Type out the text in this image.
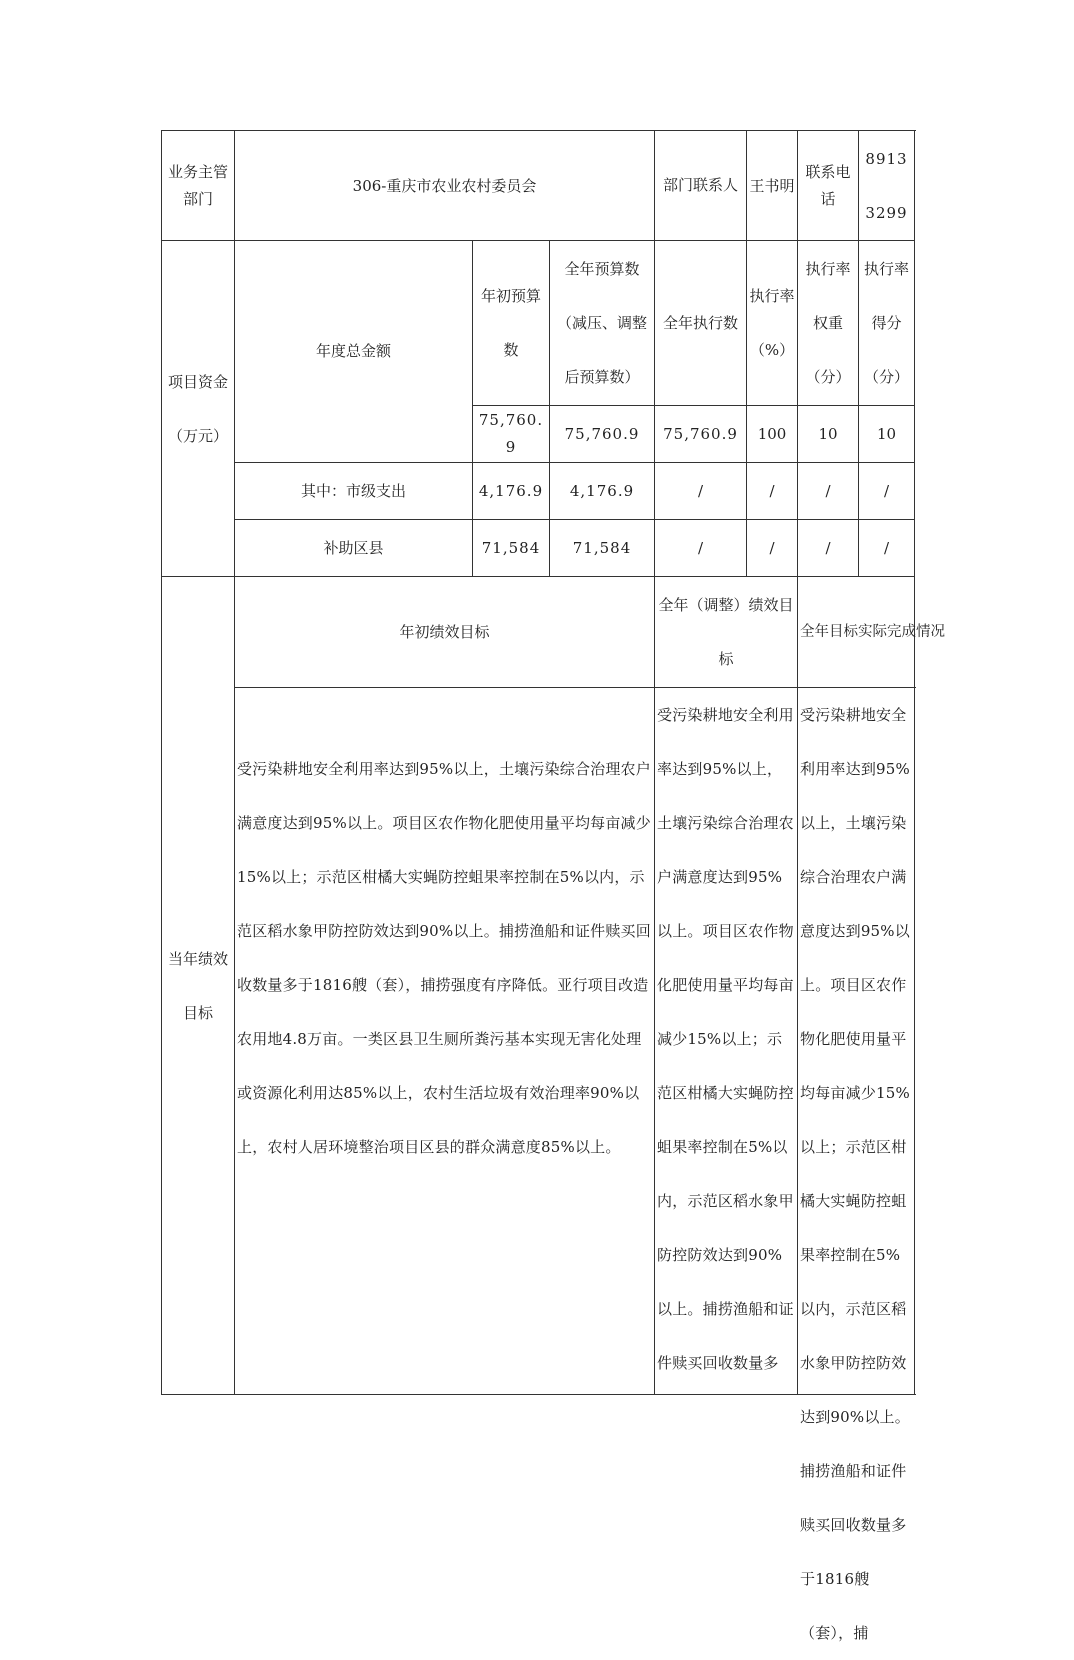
业务主管部门	306-重庆市农业农村委员会			部门联系人	王书明	联系电话	89133299
项目资金（万元）	年度总金额	年初预算数	全年预算数（减压、调整后预算数）	全年执行数	执行率（%）	执行率权重（分）	执行率得分（分）
		75,760.9	75,760.9	75,760.9	100	10	10
	其中：市级支出	4,176.9	4,176.9	/	/	/	/
	补助区县	71,584	71,584	/	/	/	/
当年绩效目标	年初绩效目标			全年（调整）绩效目标		全年目标实际完成情况	

	受污染耕地安全利用率达到95%以上，土壤污染综合治理农户满意度达到95%以上。项目区农作物化肥使用量平均每亩减少15%以上；示范区柑橘大实蝇防控蛆果率控制在5%以内，示范区稻水象甲防控防效达到90%以上。捕捞渔船和证件赎买回收数量多于1816艘（套），捕捞强度有序降低。亚行项目改造农用地4.8万亩。一类区县卫生厕所粪污基本实现无害化处理或资源化利用达85%以上，农村生活垃圾有效治理率90%以上，农村人居环境整治项目区县的群众满意度85%以上。			受污染耕地安全利用率达到95%以上，土壤污染综合治理农户满意度达到95%以上。项目区农作物化肥使用量平均每亩减少15%以上；示范区柑橘大实蝇防控蛆果率控制在5%以内，示范区稻水象甲防控防效达到90%以上。捕捞渔船和证件赎买回收数量多		受污染耕地安全利用率达到95%以上，土壤污染综合治理农户满意度达到95%以上。项目区农作物化肥使用量平均每亩减少15%以上；示范区柑橘大实蝇防控蛆果率控制在5%以内，示范区稻水象甲防控防效达到90%以上。捕捞渔船和证件赎买回收数量多于1816艘（套），捕	
